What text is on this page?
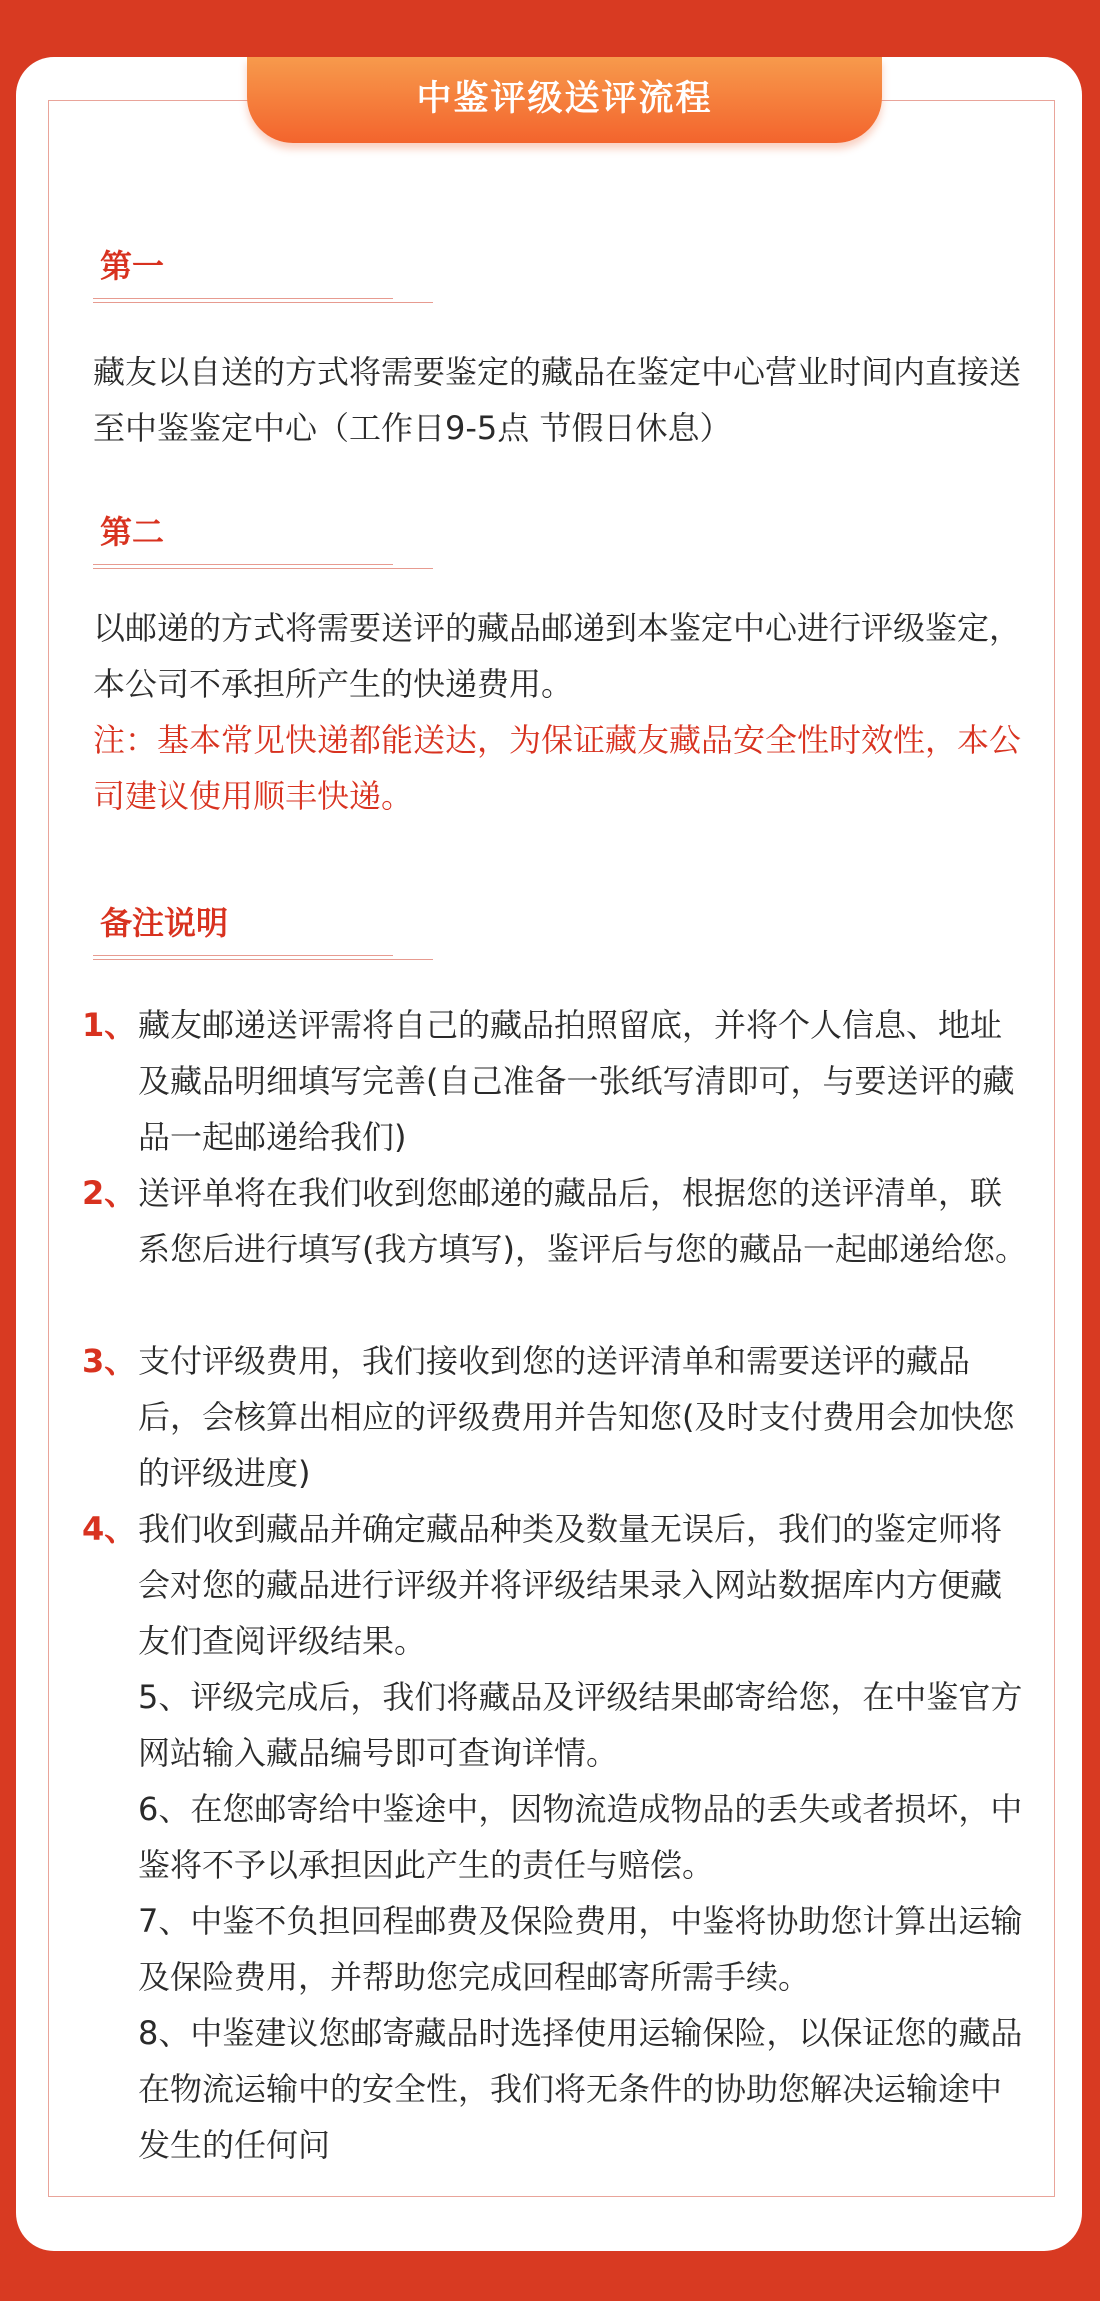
中鉴评级送评流程
第一

藏友以自送的方式将需要鉴定的藏品在鉴定中心营业时间内直接送至中鉴鉴定中心（工作日9-5点 节假日休息）

第二

以邮递的方式将需要送评的藏品邮递到本鉴定中心进行评级鉴定，本公司不承担所产生的快递费用。

注：基本常见快递都能送达，为保证藏友藏品安全性时效性，本公司建议使用顺丰快递。

备注说明
1、 藏友邮递送评需将自己的藏品拍照留底，并将个人信息、地址及藏品明细填写完善(自己准备一张纸写清即可，与要送评的藏品一起邮递给我们)
2、 送评单将在我们收到您邮递的藏品后，根据您的送评清单，联系您后进行填写(我方填写)，鉴评后与您的藏品一起邮递给您。
3、 支付评级费用，我们接收到您的送评清单和需要送评的藏品后，会核算出相应的评级费用并告知您(及时支付费用会加快您的评级进度)
4、 我们收到藏品并确定藏品种类及数量无误后，我们的鉴定师将会对您的藏品进行评级并将评级结果录入网站数据库内方便藏友们查阅评级结果。
5、评级完成后，我们将藏品及评级结果邮寄给您，在中鉴官方网站输入藏品编号即可查询详情。
6、在您邮寄给中鉴途中，因物流造成物品的丢失或者损坏，中鉴将不予以承担因此产生的责任与赔偿。
7、中鉴不负担回程邮费及保险费用，中鉴将协助您计算出运输及保险费用，并帮助您完成回程邮寄所需手续。
8、中鉴建议您邮寄藏品时选择使用运输保险，以保证您的藏品在物流运输中的安全性，我们将无条件的协助您解决运输途中发生的任何问
